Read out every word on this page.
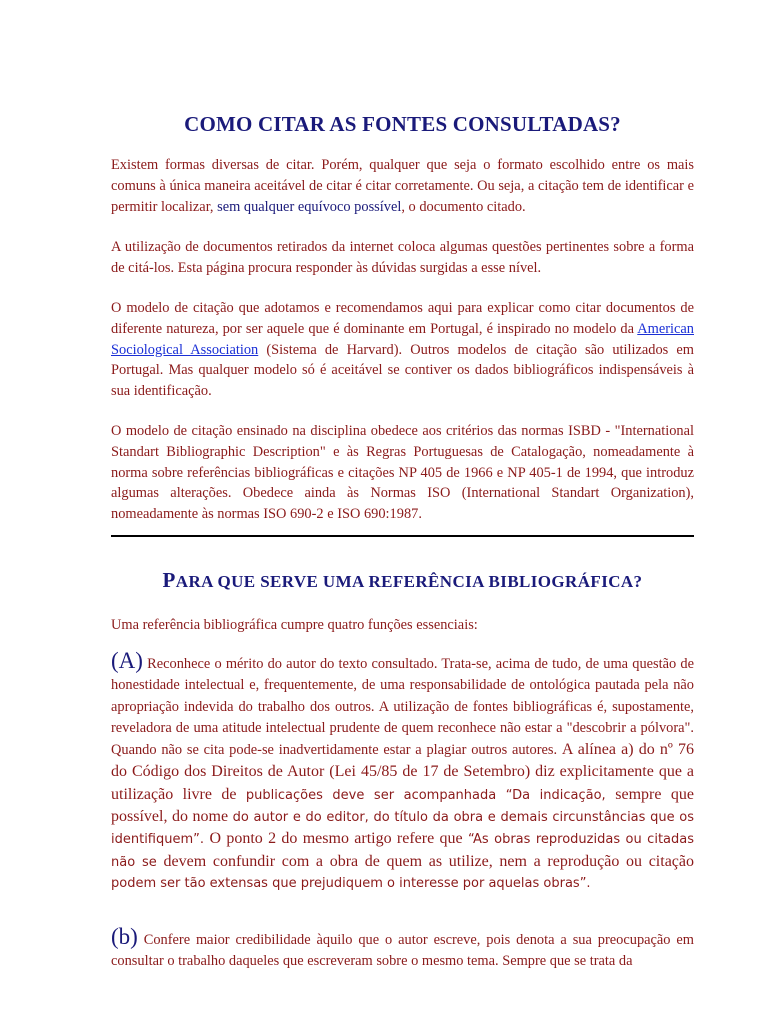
COMO CITAR AS FONTES CONSULTADAS?

Existem formas diversas de citar. Porém, qualquer que seja o formato escolhido entre os mais comuns à única maneira aceitável de citar é citar corretamente. Ou seja, a citação tem de identificar e permitir localizar, sem qualquer equívoco possível, o documento citado.

A utilização de documentos retirados da internet coloca algumas questões pertinentes sobre a forma de citá-los. Esta página procura responder às dúvidas surgidas a esse nível.

O modelo de citação que adotamos e recomendamos aqui para explicar como citar documentos de diferente natureza, por ser aquele que é dominante em Portugal, é inspirado no modelo da American Sociological Association (Sistema de Harvard). Outros modelos de citação são utilizados em Portugal. Mas qualquer modelo só é aceitável se contiver os dados bibliográficos indispensáveis à sua identificação.

O modelo de citação ensinado na disciplina obedece aos critérios das normas ISBD - "International Standart Bibliographic Description" e às Regras Portuguesas de Catalogação, nomeadamente à norma sobre referências bibliográficas e citações NP 405 de 1966 e NP 405-1 de 1994, que introduz algumas alterações. Obedece ainda às Normas ISO (International Standart Organization), nomeadamente às normas ISO 690-2 e ISO 690:1987.

PARA QUE SERVE UMA REFERÊNCIA BIBLIOGRÁFICA?

Uma referência bibliográfica cumpre quatro funções essenciais:

(A) Reconhece o mérito do autor do texto consultado. Trata-se, acima de tudo, de uma questão de honestidade intelectual e, frequentemente, de uma responsabilidade de ontológica pautada pela não apropriação indevida do trabalho dos outros. A utilização de fontes bibliográficas é, supostamente, reveladora de uma atitude intelectual prudente de quem reconhece não estar a "descobrir a pólvora". Quando não se cita pode-se inadvertidamente estar a plagiar outros autores. A alínea a) do nº 76 do Código dos Direitos de Autor (Lei 45/85 de 17 de Setembro) diz explicitamente que a utilização livre de publicações deve ser acompanhada “Da indicação, sempre que possível, do nome do autor e do editor, do título da obra e demais circunstâncias que os identifiquem”. O ponto 2 do mesmo artigo refere que “As obras reproduzidas ou citadas não se devem confundir com a obra de quem as utilize, nem a reprodução ou citação podem ser tão extensas que prejudiquem o interesse por aquelas obras”.

(b) Confere maior credibilidade àquilo que o autor escreve, pois denota a sua preocupação em consultar o trabalho daqueles que escreveram sobre o mesmo tema. Sempre que se trata da
